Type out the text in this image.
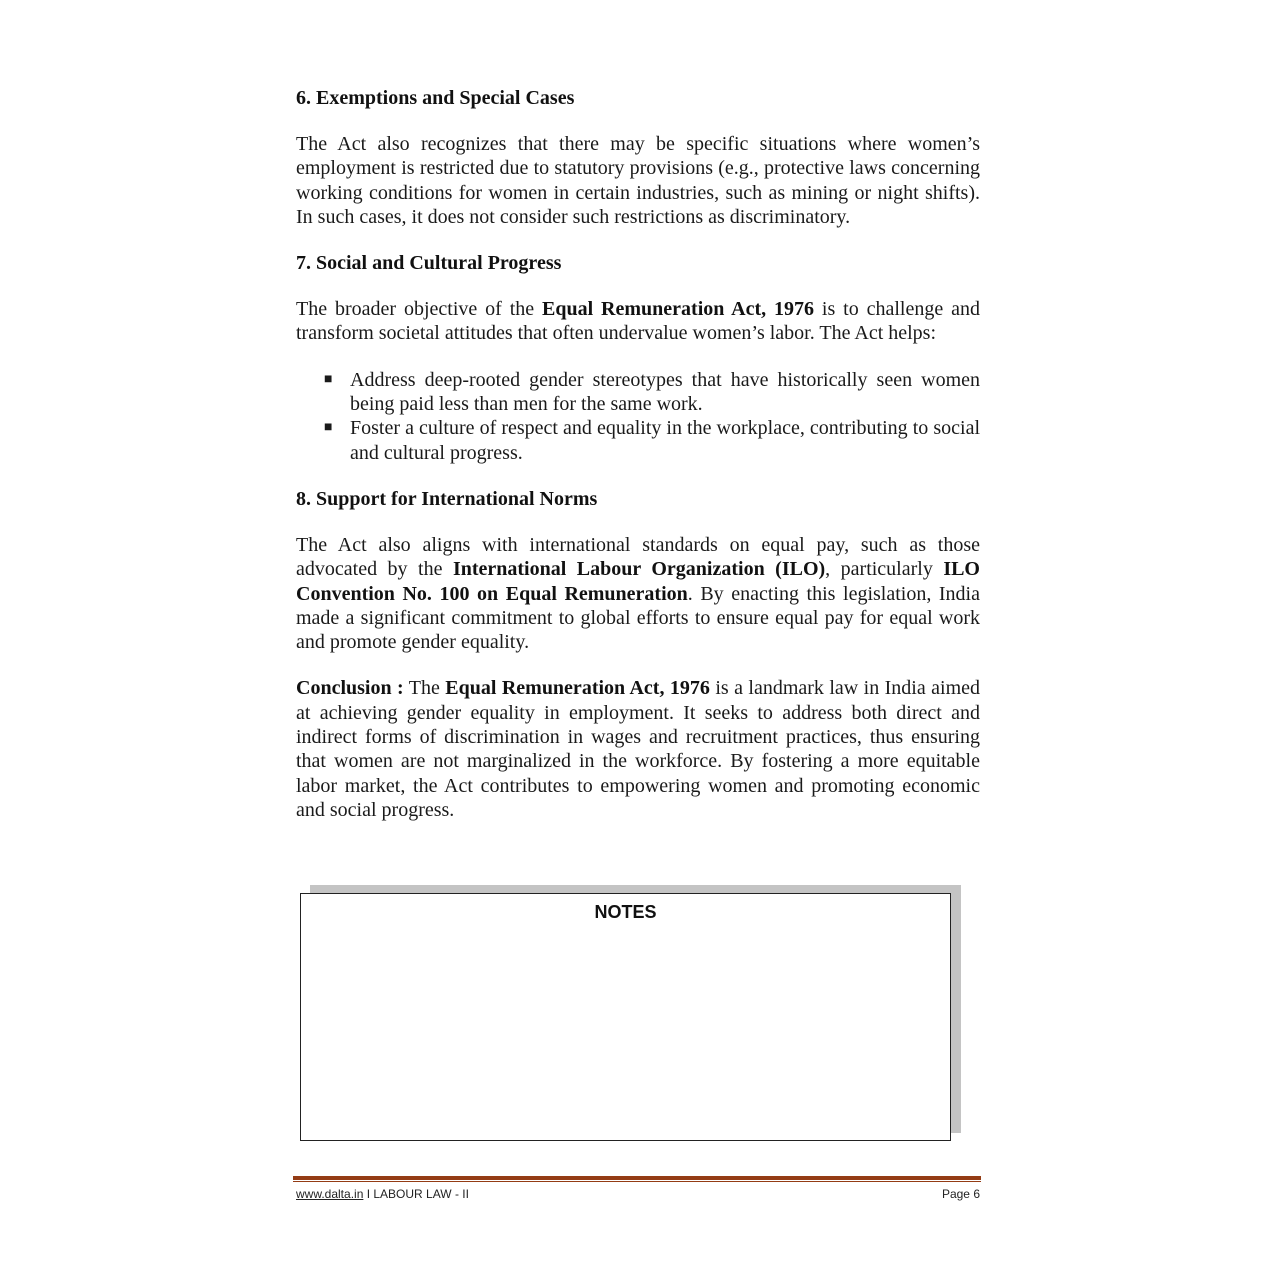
6. Exemptions and Special Cases

The Act also recognizes that there may be specific situations where women’s employment is restricted due to statutory provisions (e.g., protective laws concerning working conditions for women in certain industries, such as mining or night shifts). In such cases, it does not consider such restrictions as discriminatory.

7. Social and Cultural Progress

The broader objective of the Equal Remuneration Act, 1976 is to challenge and transform societal attitudes that often undervalue women’s labor. The Act helps:

■ Address deep-rooted gender stereotypes that have historically seen women being paid less than men for the same work.
■ Foster a culture of respect and equality in the workplace, contributing to social and cultural progress.
8. Support for International Norms

The Act also aligns with international standards on equal pay, such as those advocated by the International Labour Organization (ILO), particularly ILO Convention No. 100 on Equal Remuneration. By enacting this legislation, India made a significant commitment to global efforts to ensure equal pay for equal work and promote gender equality.

Conclusion : The Equal Remuneration Act, 1976 is a landmark law in India aimed at achieving gender equality in employment. It seeks to address both direct and indirect forms of discrimination in wages and recruitment practices, thus ensuring that women are not marginalized in the workforce. By fostering a more equitable labor market, the Act contributes to empowering women and promoting economic and social progress.

NOTES
www.dalta.in I LABOUR LAW - II	Page 6
